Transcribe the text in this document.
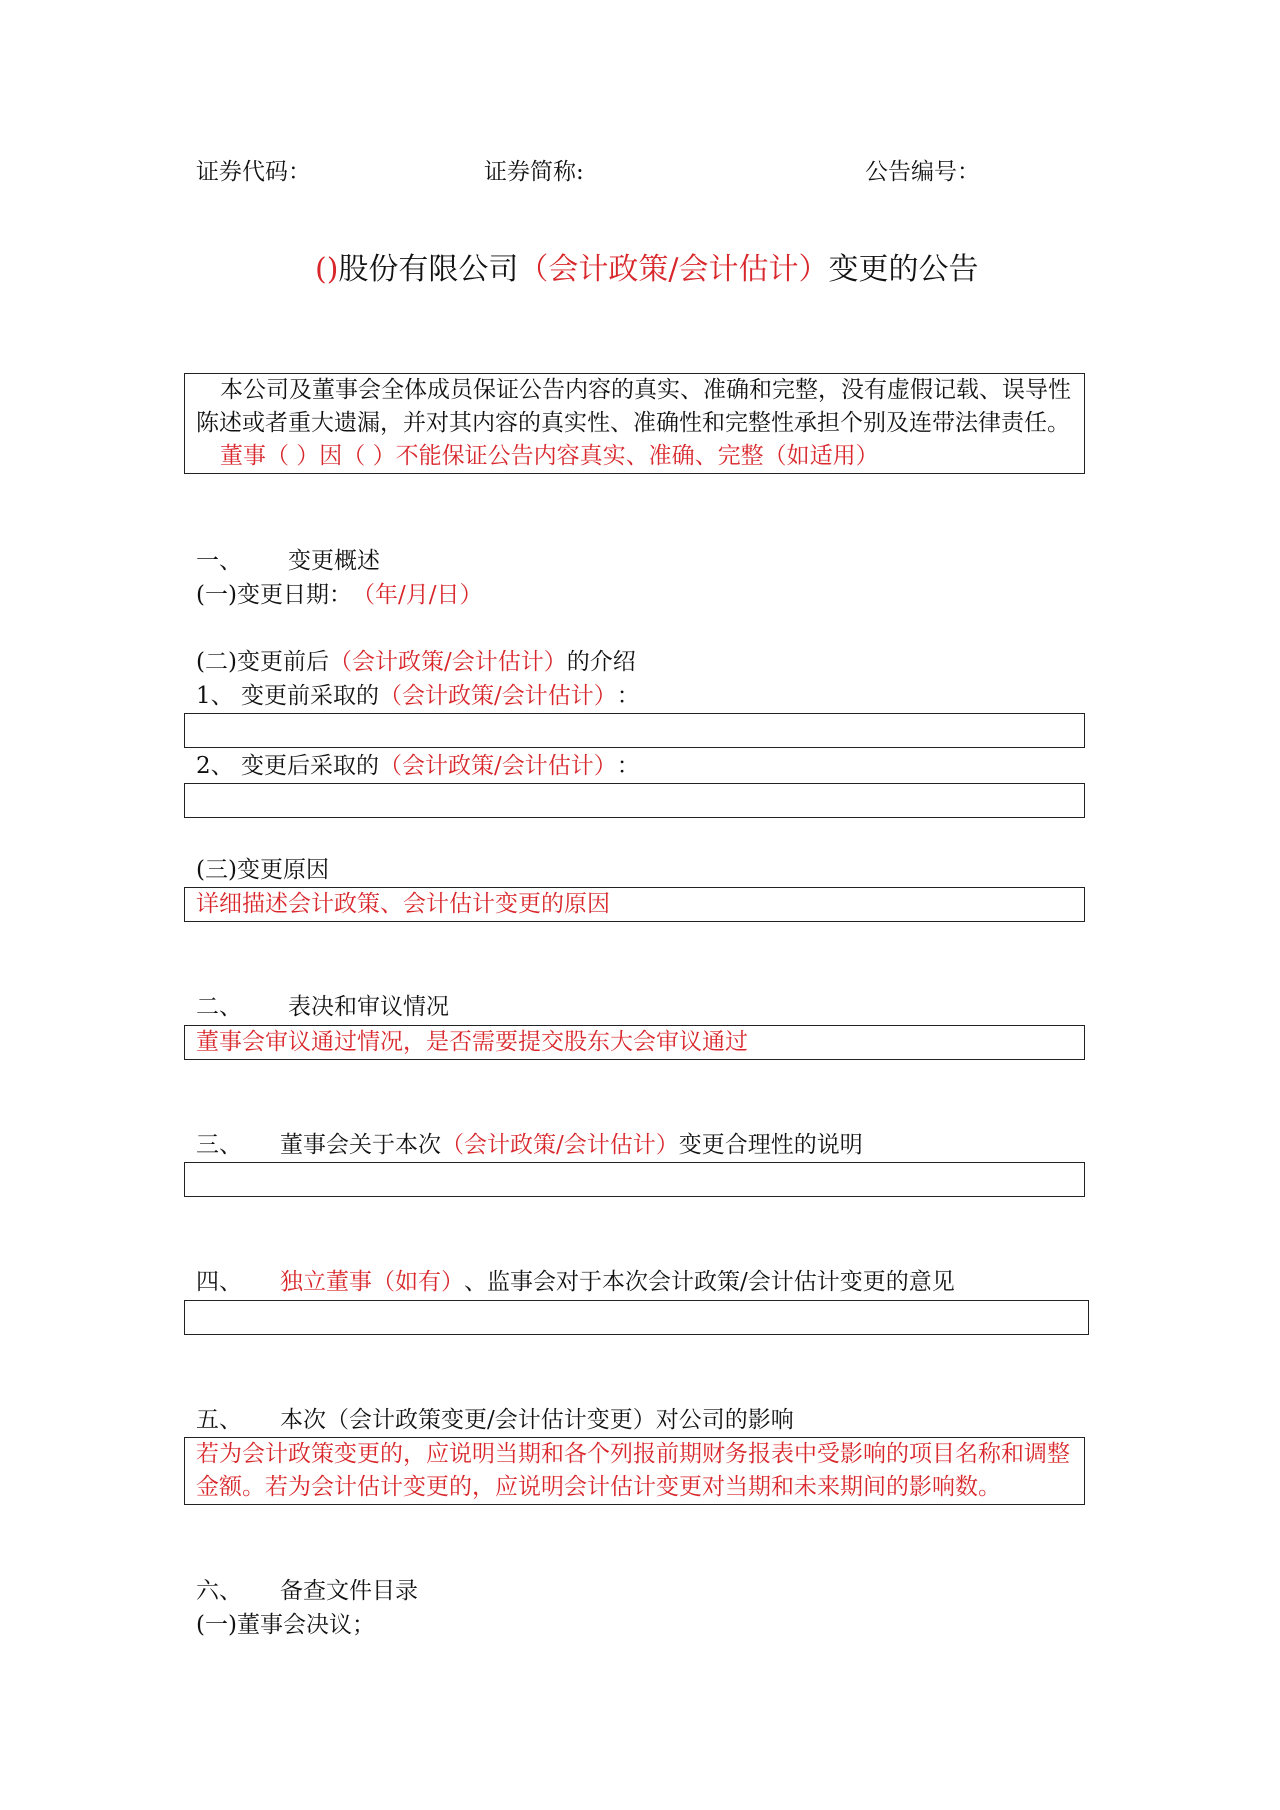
证券代码：	证券简称:	公告编号：
() 股份有限公司 （会计政策/会计估计） 变更的公告
本公司及董事会全体成员保证公告内容的真实、准确和完整，没有虚假记载、误导性
陈述或者重大遗漏，并对其内容的真实性、准确性和完整性承担个别及连带法律责任。
董事（ ）因（ ）不能保证公告内容真实、准确、完整（如适用）
一、	变更概述
(一)变更日期： （年/月/日）
(二)变更前后 （会计政策/会计估计） 的介绍
1、 变更前采取的 （会计政策/会计估计） ：
2、 变更后采取的 （会计政策/会计估计） ：
(三)变更原因
详细描述会计政策、会计估计变更的原因
二、	表决和审议情况
董事会审议通过情况，是否需要提交股东大会审议通过
三、	董事会关于本次 （会计政策/会计估计） 变更合理性的说明
四、	独立董事（如有） 、监事会对于本次会计政策/会计估计变更的意见
五、	本次（会计政策变更/会计估计变更）对公司的影响
若为会计政策变更的，应说明当期和各个列报前期财务报表中受影响的项目名称和调整
金额。若为会计估计变更的，应说明会计估计变更对当期和未来期间的影响数。
六、	备查文件目录
(一)董事会决议；
